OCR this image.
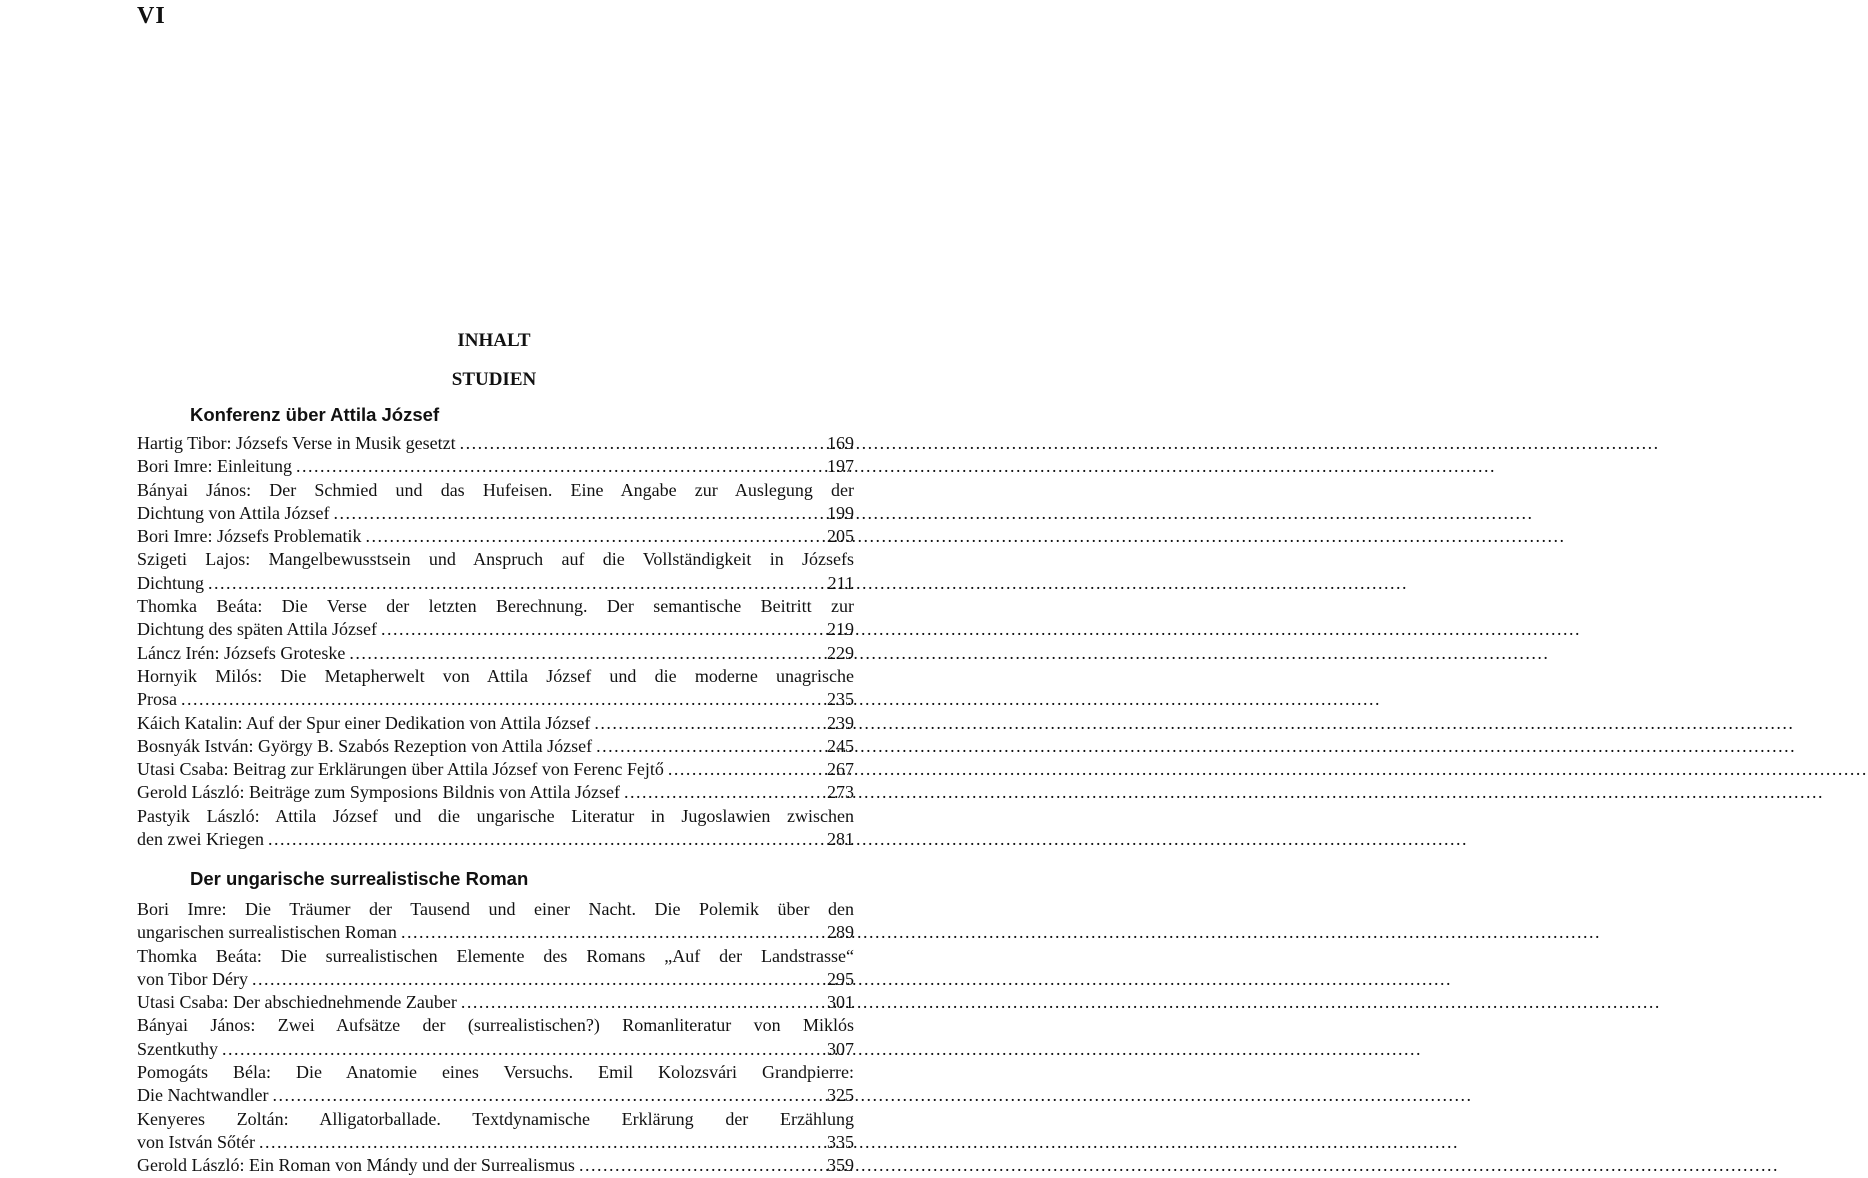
VI
INHALT
STUDIEN
Konferenz über Attila József
Hartig Tibor: Józsefs Verse in Musik gesetzt .....	169
Bori Imre: Einleitung .....	197
Bányai János: Der Schmied und das Hufeisen. Eine Angabe zur Auslegung der
Dichtung von Attila József .....	199
Bori Imre: Józsefs Problematik .....	205
Szigeti Lajos: Mangelbewusstsein und Anspruch auf die Vollständigkeit in Józsefs
Dichtung .....	211
Thomka Beáta: Die Verse der letzten Berechnung. Der semantische Beitritt zur
Dichtung des späten Attila József .....	219
Láncz Irén: Józsefs Groteske .....	229
Hornyik Milós: Die Metapherwelt von Attila József und die moderne unagrische
Prosa .....	235
Káich Katalin: Auf der Spur einer Dedikation von Attila József .....	239
Bosnyák István: György B. Szabós Rezeption von Attila József .....	245
Utasi Csaba: Beitrag zur Erklärungen über Attila József von Ferenc Fejtő .....	267
Gerold László: Beiträge zum Symposions Bildnis von Attila József .....	273
Pastyik László: Attila József und die ungarische Literatur in Jugoslawien zwischen
den zwei Kriegen .....	281
Der ungarische surrealistische Roman
Bori Imre: Die Träumer der Tausend und einer Nacht. Die Polemik über den
ungarischen surrealistischen Roman .....	289
Thomka Beáta: Die surrealistischen Elemente des Romans „Auf der Landstrasse“
von Tibor Déry .....	295
Utasi Csaba: Der abschiednehmende Zauber .....	301
Bányai János: Zwei Aufsätze der (surrealistischen?) Romanliteratur von Miklós
Szentkuthy .....	307
Pomogáts Béla: Die Anatomie eines Versuchs. Emil Kolozsvári Grandpierre:
Die Nachtwandler .....	325
Kenyeres Zoltán: Alligatorballade. Textdynamische Erklärung der Erzählung
von István Sőtér .....	335
Gerold László: Ein Roman von Mándy und der Surrealismus .....	359
